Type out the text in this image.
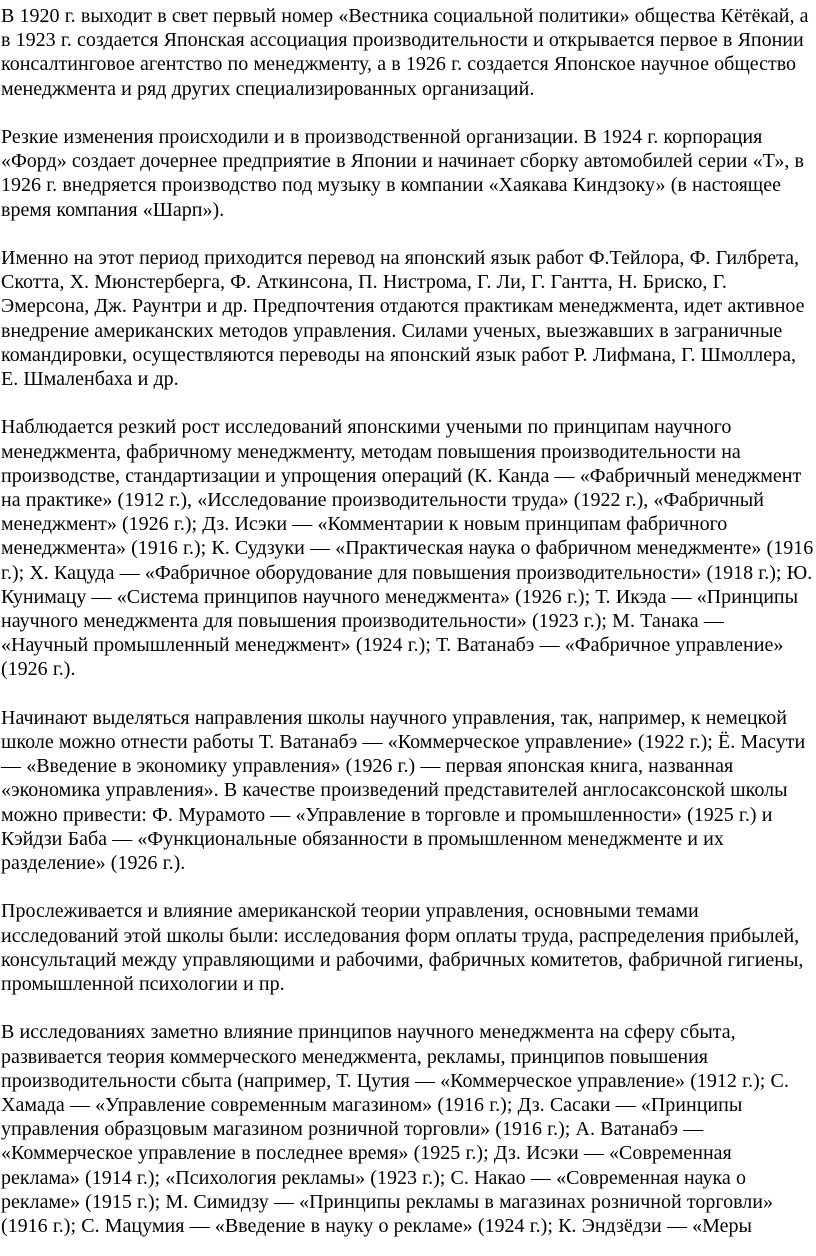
В 1920 г. выходит в свет первый номер «Вестника социальной политики» общества Кётёкай, а в 1923 г. создается Японская ассоциация производительности и открывается первое в Японии консалтинговое агентство по менеджменту, а в 1926 г. создается Японское научное общество менеджмента и ряд других специализированных организаций.

Резкие изменения происходили и в производственной организации. В 1924 г. корпорация «Форд» создает дочернее предприятие в Японии и начинает сборку автомобилей серии «Т», в 1926 г. внедряется производство под музыку в компании «Хаякава Киндзоку» (в настоящее время компания «Шарп»).

Именно на этот период приходится перевод на японский язык работ Ф.Тейлора, Ф. Гилбрета, Скотта, Х. Мюнстерберга, Ф. Аткинсона, П. Нистрома, Г. Ли, Г. Гантта, Н. Бриско, Г. Эмерсона, Дж. Раунтри и др. Предпочтения отдаются практикам менеджмента, идет активное внедрение американских методов управления. Силами ученых, выезжавших в заграничные командировки, осуществляются переводы на японский язык работ Р. Лифмана, Г. Шмоллера, Е. Шмаленбаха и др.

Наблюдается резкий рост исследований японскими учеными по принципам научного менеджмента, фабричному менеджменту, методам повышения производительности на производстве, стандартизации и упрощения операций (К. Канда — «Фабричный менеджмент на практике» (1912 г.), «Исследование производительности труда» (1922 г.), «Фабричный менеджмент» (1926 г.); Дз. Исэки — «Комментарии к новым принципам фабричного менеджмента» (1916 г.); К. Судзуки — «Практическая наука о фабричном менеджменте» (1916 г.); Х. Кацуда — «Фабричное оборудование для повышения производительности» (1918 г.); Ю. Кунимацу — «Система принципов научного менеджмента» (1926 г.); Т. Икэда — «Принципы научного менеджмента для повышения производительности» (1923 г.); М. Танака — «Научный промышленный менеджмент» (1924 г.); Т. Ватанабэ — «Фабричное управление» (1926 г.).

Начинают выделяться направления школы научного управления, так, например, к немецкой школе можно отнести работы Т. Ватанабэ — «Коммерческое управление» (1922 г.); Ё. Масути — «Введение в экономику управления» (1926 г.) — первая японская книга, названная «экономика управления». В качестве произведений представителей англосаксонской школы можно привести: Ф. Мурамото — «Управление в торговле и промышленности» (1925 г.) и Кэйдзи Баба — «Функциональные обязанности в промышленном менеджменте и их разделение» (1926 г.).

Прослеживается и влияние американской теории управления, основными темами исследований этой школы были: исследования форм оплаты труда, распределения прибылей, консультаций между управляющими и рабочими, фабричных комитетов, фабричной гигиены, промышленной психологии и пр.

В исследованиях заметно влияние принципов научного менеджмента на сферу сбыта, развивается теория коммерческого менеджмента, рекламы, принципов повышения производительности сбыта (например, Т. Цутия — «Коммерческое управление» (1912 г.); С. Хамада — «Управление современным магазином» (1916 г.); Дз. Сасаки — «Принципы управления образцовым магазином розничной торговли» (1916 г.); А. Ватанабэ — «Коммерческое управление в последнее время» (1925 г.); Дз. Исэки — «Современная реклама» (1914 г.); «Психология рекламы» (1923 г.); С. Накао — «Современная наука о рекламе» (1915 г.); М. Симидзу — «Принципы рекламы в магазинах розничной торговли» (1916 г.); С. Мацумия — «Введение в науку о рекламе» (1924 г.); К. Эндзёдзи — «Меры
